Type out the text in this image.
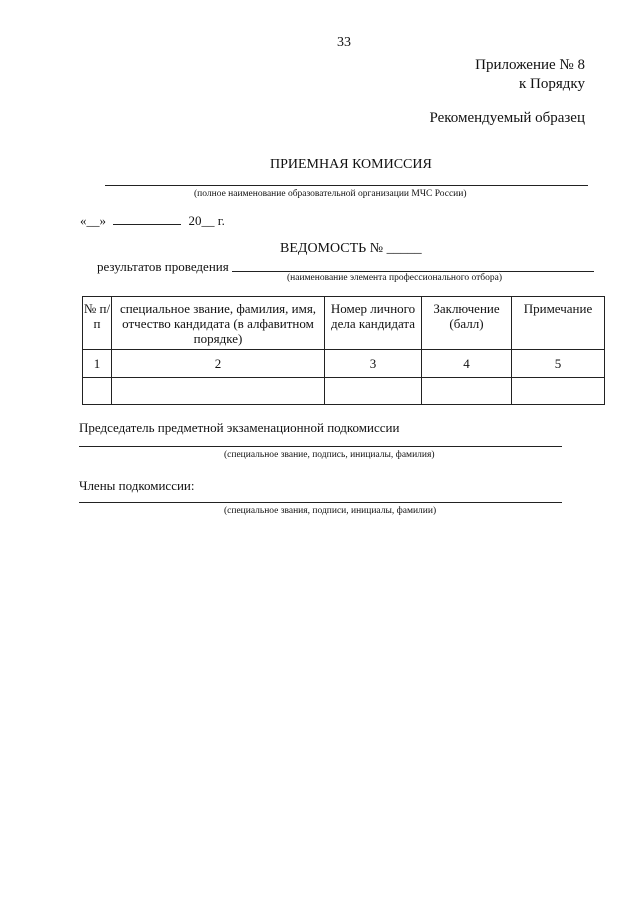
33
Приложение № 8
к Порядку
Рекомендуемый образец
ПРИЕМНАЯ КОМИССИЯ
(полное наименование образовательной организации МЧС России)
«__»	20__ г.
ВЕДОМОСТЬ № _____
результатов проведения
(наименование элемента профессионального отбора)
№ п/п	специальное звание, фамилия, имя, отчество кандидата (в алфавитном порядке)	Номер личного дела кандидата	Заключение (балл)	Примечание
1	2	3	4	5

Председатель предметной экзаменационной подкомиссии
(специальное звание, подпись, инициалы, фамилия)
Члены подкомиссии:
(специальное звания, подписи, инициалы, фамилии)
